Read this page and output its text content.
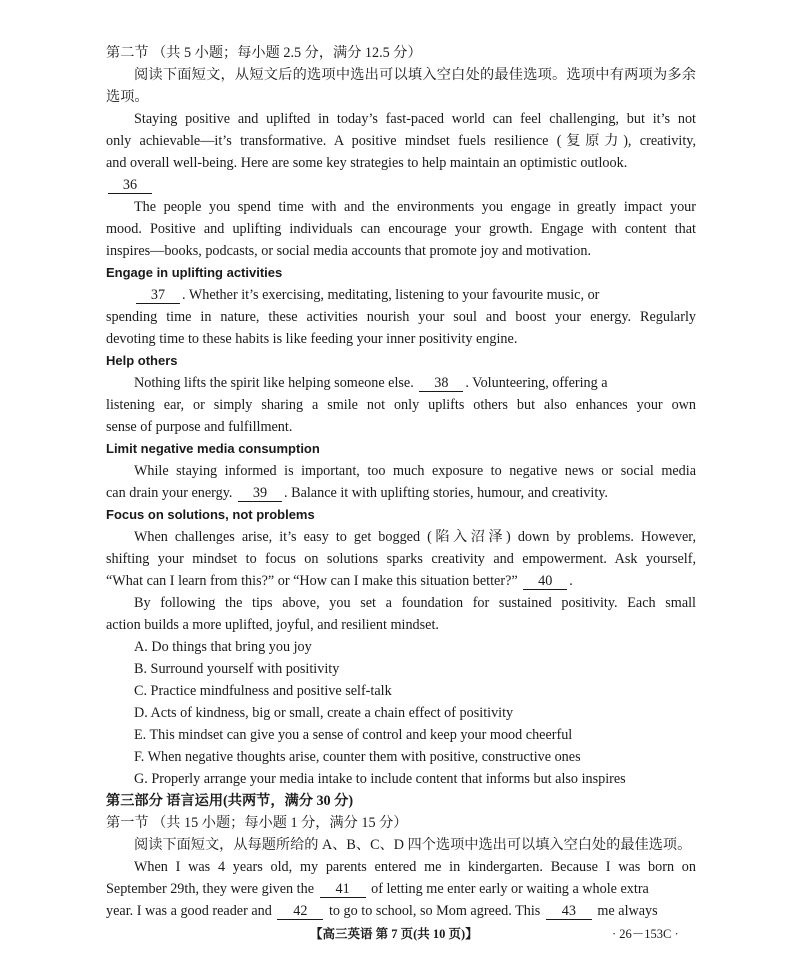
第二节 （共 5 小题；每小题 2.5 分，满分 12.5 分）
阅读下面短文，从短文后的选项中选出可以填入空白处的最佳选项。选项中有两项为多余
选项。
Staying positive and uplifted in today’s fast-paced world can feel challenging, but it’s not
only achievable—it’s transformative. A positive mindset fuels resilience (复原力), creativity,
and overall well-being. Here are some key strategies to help maintain an optimistic outlook.
36
The people you spend time with and the environments you engage in greatly impact your
mood. Positive and uplifting individuals can encourage your growth. Engage with content that
inspires—books, podcasts, or social media accounts that promote joy and motivation.
Engage in uplifting activities
37 . Whether it’s exercising, meditating, listening to your favourite music, or
spending time in nature, these activities nourish your soul and boost your energy. Regularly
devoting time to these habits is like feeding your inner positivity engine.
Help others
Nothing lifts the spirit like helping someone else. 38 . Volunteering, offering a
listening ear, or simply sharing a smile not only uplifts others but also enhances your own
sense of purpose and fulfillment.
Limit negative media consumption
While staying informed is important, too much exposure to negative news or social media
can drain your energy. 39 . Balance it with uplifting stories, humour, and creativity.
Focus on solutions, not problems
When challenges arise, it’s easy to get bogged (陷入沼泽) down by problems. However,
shifting your mindset to focus on solutions sparks creativity and empowerment. Ask yourself,
“What can I learn from this?” or “How can I make this situation better?” 40 .
By following the tips above, you set a foundation for sustained positivity. Each small
action builds a more uplifted, joyful, and resilient mindset.
A. Do things that bring you joy
B. Surround yourself with positivity
C. Practice mindfulness and positive self-talk
D. Acts of kindness, big or small, create a chain effect of positivity
E. This mindset can give you a sense of control and keep your mood cheerful
F. When negative thoughts arise, counter them with positive, constructive ones
G. Properly arrange your media intake to include content that informs but also inspires
第三部分 语言运用(共两节，满分 30 分)
第一节 （共 15 小题；每小题 1 分，满分 15 分）
阅读下面短文，从每题所给的 A、B、C、D 四个选项中选出可以填入空白处的最佳选项。
When I was 4 years old, my parents entered me in kindergarten. Because I was born on
September 29th, they were given the 41 of letting me enter early or waiting a whole extra
year. I was a good reader and 42 to go to school, so Mom agreed. This 43 me always
【高三英语 第 7 页(共 10 页)】	· 26－153C ·
